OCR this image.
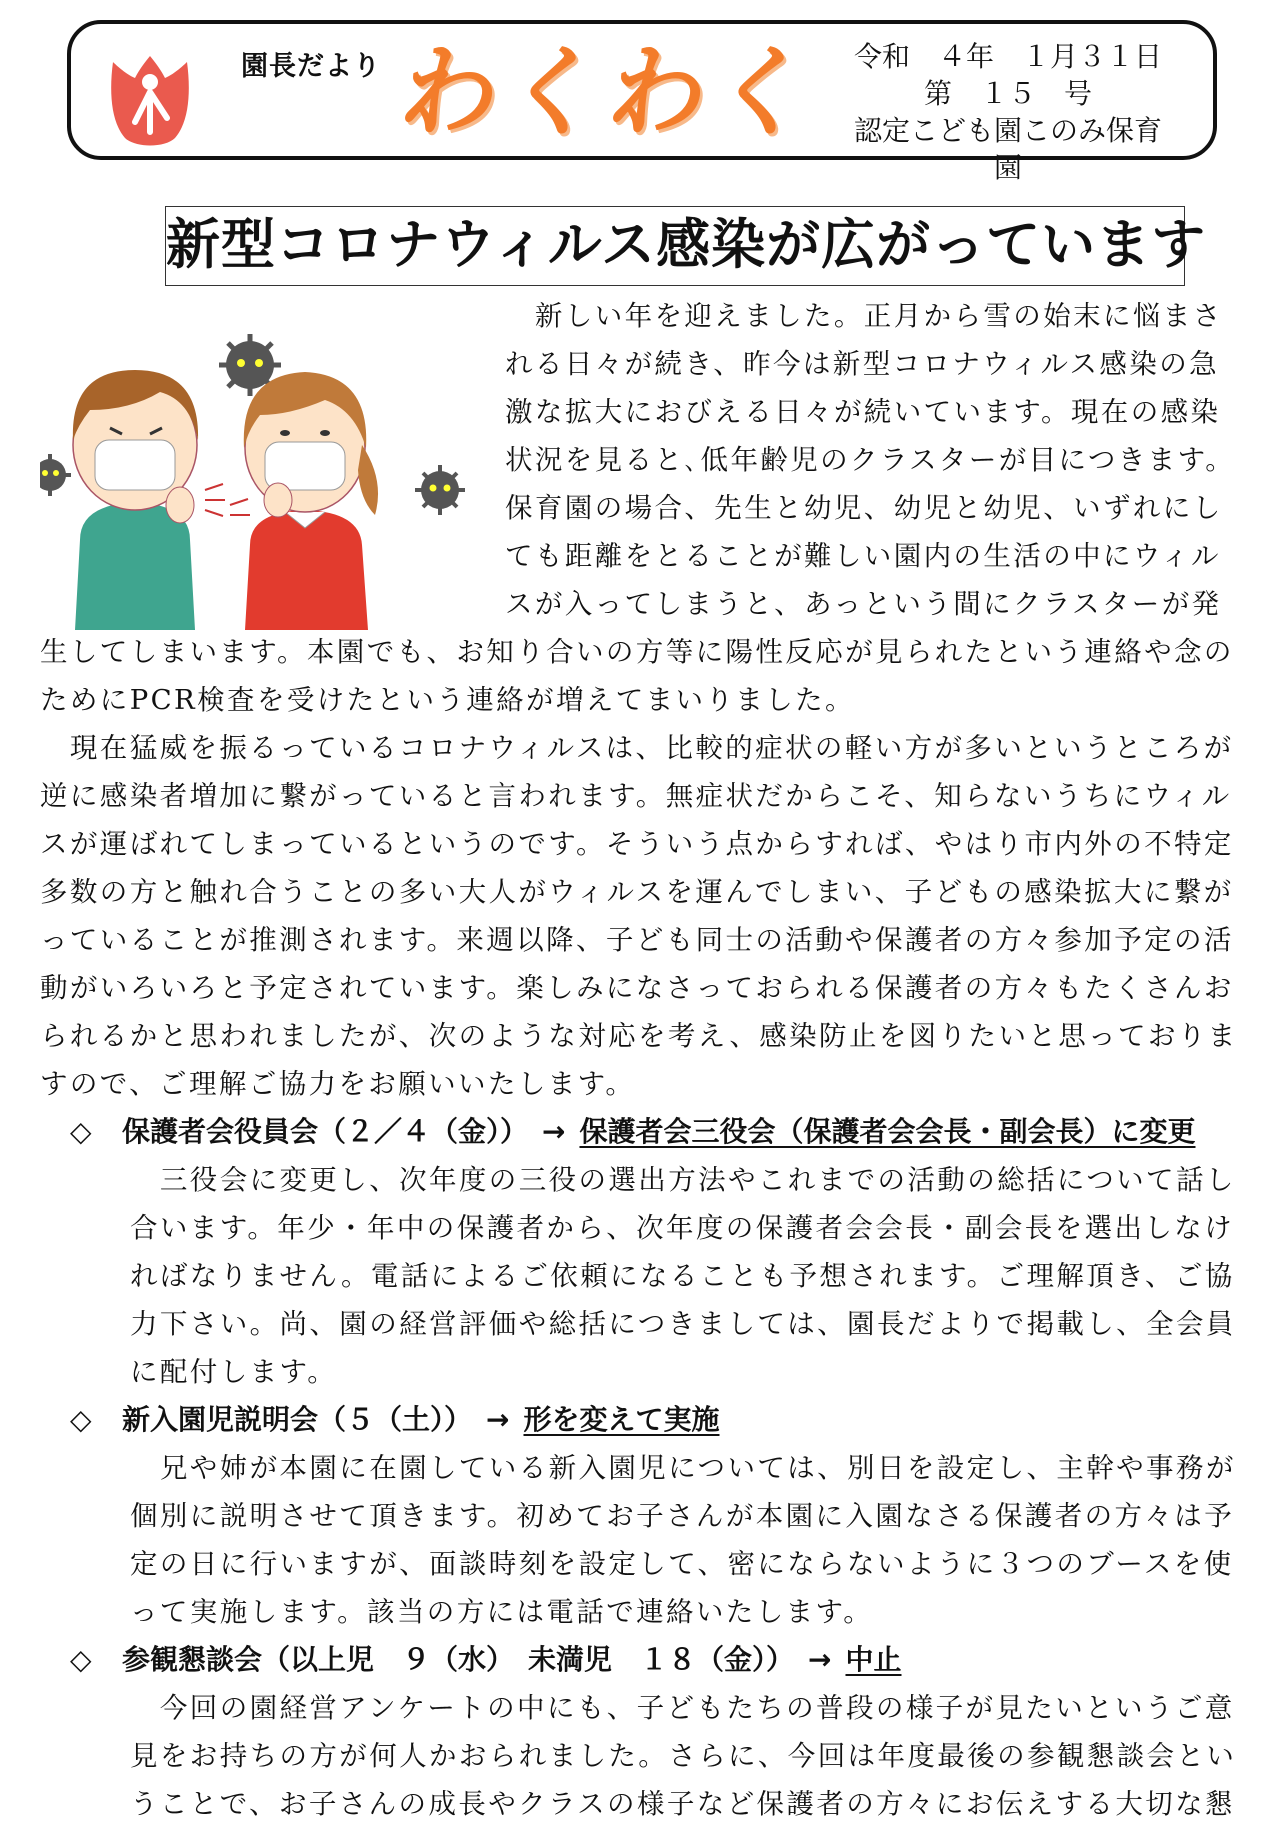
園長だより わくわく	令和　４年　１月３１日
第　１５　号
認定こども園このみ保育園
新型コロナウィルス感染が広がっています
　新しい年を迎えました。正月から雪の始末に悩まさ
れる日々が続き、昨今は新型コロナウィルス感染の急
激な拡大におびえる日々が続いています。現在の感染
状況を見ると､低年齢児のクラスターが目につきます。
保育園の場合、先生と幼児、幼児と幼児、いずれにし
ても距離をとることが難しい園内の生活の中にウィル
スが入ってしまうと、あっという間にクラスターが発
生してしまいます。本園でも、お知り合いの方等に陽性反応が見られたという連絡や念の
ためにPCR検査を受けたという連絡が増えてまいりました。
　現在猛威を振るっているコロナウィルスは、比較的症状の軽い方が多いというところが
逆に感染者増加に繋がっていると言われます。無症状だからこそ、知らないうちにウィル
スが運ばれてしまっているというのです。そういう点からすれば、やはり市内外の不特定
多数の方と触れ合うことの多い大人がウィルスを運んでしまい、子どもの感染拡大に繋が
っていることが推測されます。来週以降、子ども同士の活動や保護者の方々参加予定の活
動がいろいろと予定されています。楽しみになさっておられる保護者の方々もたくさんお
られるかと思われましたが、次のような対応を考え、感染防止を図りたいと思っておりま
すので、ご理解ご協力をお願いいたします。
◇ 保護者会役員会（２／４（金）） → 保護者会三役会（保護者会会長・副会長）に変更
　三役会に変更し、次年度の三役の選出方法やこれまでの活動の総括について話し
合います。年少・年中の保護者から、次年度の保護者会会長・副会長を選出しなけ
ればなりません。電話によるご依頼になることも予想されます。ご理解頂き、ご協
力下さい。尚、園の経営評価や総括につきましては、園長だよりで掲載し、全会員
に配付します。
◇ 新入園児説明会（５（土）） → 形を変えて実施
　兄や姉が本園に在園している新入園児については、別日を設定し、主幹や事務が
個別に説明させて頂きます。初めてお子さんが本園に入園なさる保護者の方々は予
定の日に行いますが、面談時刻を設定して、密にならないように３つのブースを使
って実施します。該当の方には電話で連絡いたします。
◇ 参観懇談会（以上児　９（水）　未満児　１８（金）） → 中止
　今回の園経営アンケートの中にも、子どもたちの普段の様子が見たいというご意
見をお持ちの方が何人かおられました。さらに、今回は年度最後の参観懇談会とい
うことで、お子さんの成長やクラスの様子など保護者の方々にお伝えする大切な懇
